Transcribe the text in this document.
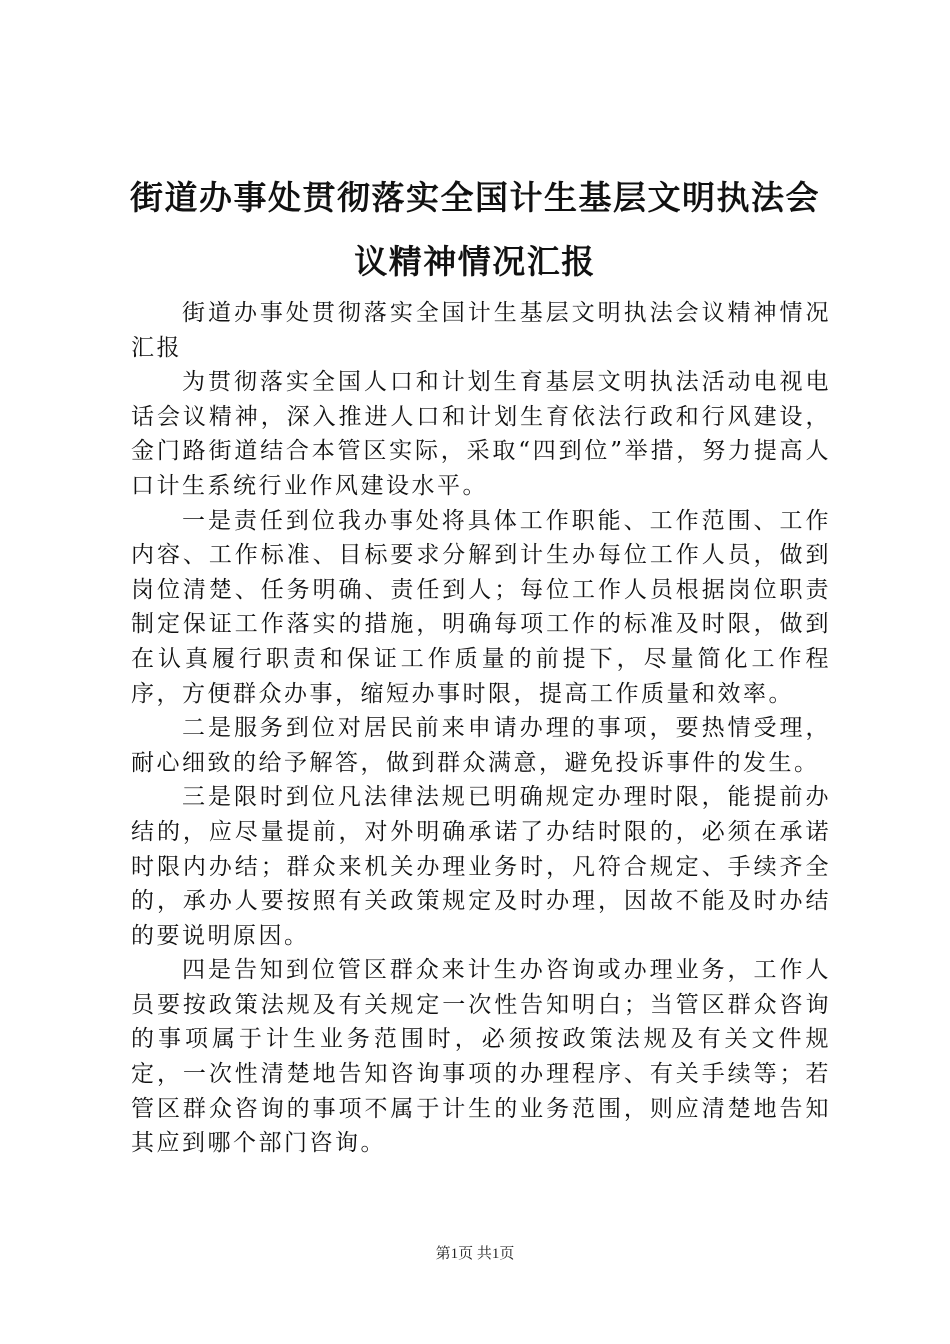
街道办事处贯彻落实全国计生基层文明执法会
议精神情况汇报

街道办事处贯彻落实全国计生基层文明执法会议精神情况汇报

为贯彻落实全国人口和计划生育基层文明执法活动电视电话会议精神，深入推进人口和计划生育依法行政和行风建设，金门路街道结合本管区实际，采取“四到位”举措，努力提高人口计生系统行业作风建设水平。

一是责任到位我办事处将具体工作职能、工作范围、工作内容、工作标准、目标要求分解到计生办每位工作人员，做到岗位清楚、任务明确、责任到人；每位工作人员根据岗位职责制定保证工作落实的措施，明确每项工作的标准及时限，做到在认真履行职责和保证工作质量的前提下，尽量简化工作程序，方便群众办事，缩短办事时限，提高工作质量和效率。

二是服务到位对居民前来申请办理的事项，要热情受理，耐心细致的给予解答，做到群众满意，避免投诉事件的发生。

三是限时到位凡法律法规已明确规定办理时限，能提前办结的，应尽量提前，对外明确承诺了办结时限的，必须在承诺时限内办结；群众来机关办理业务时，凡符合规定、手续齐全的，承办人要按照有关政策规定及时办理，因故不能及时办结的要说明原因。

四是告知到位管区群众来计生办咨询或办理业务，工作人员要按政策法规及有关规定一次性告知明白；当管区群众咨询的事项属于计生业务范围时，必须按政策法规及有关文件规定，一次性清楚地告知咨询事项的办理程序、有关手续等；若管区群众咨询的事项不属于计生的业务范围，则应清楚地告知其应到哪个部门咨询。

第1页 共1页
